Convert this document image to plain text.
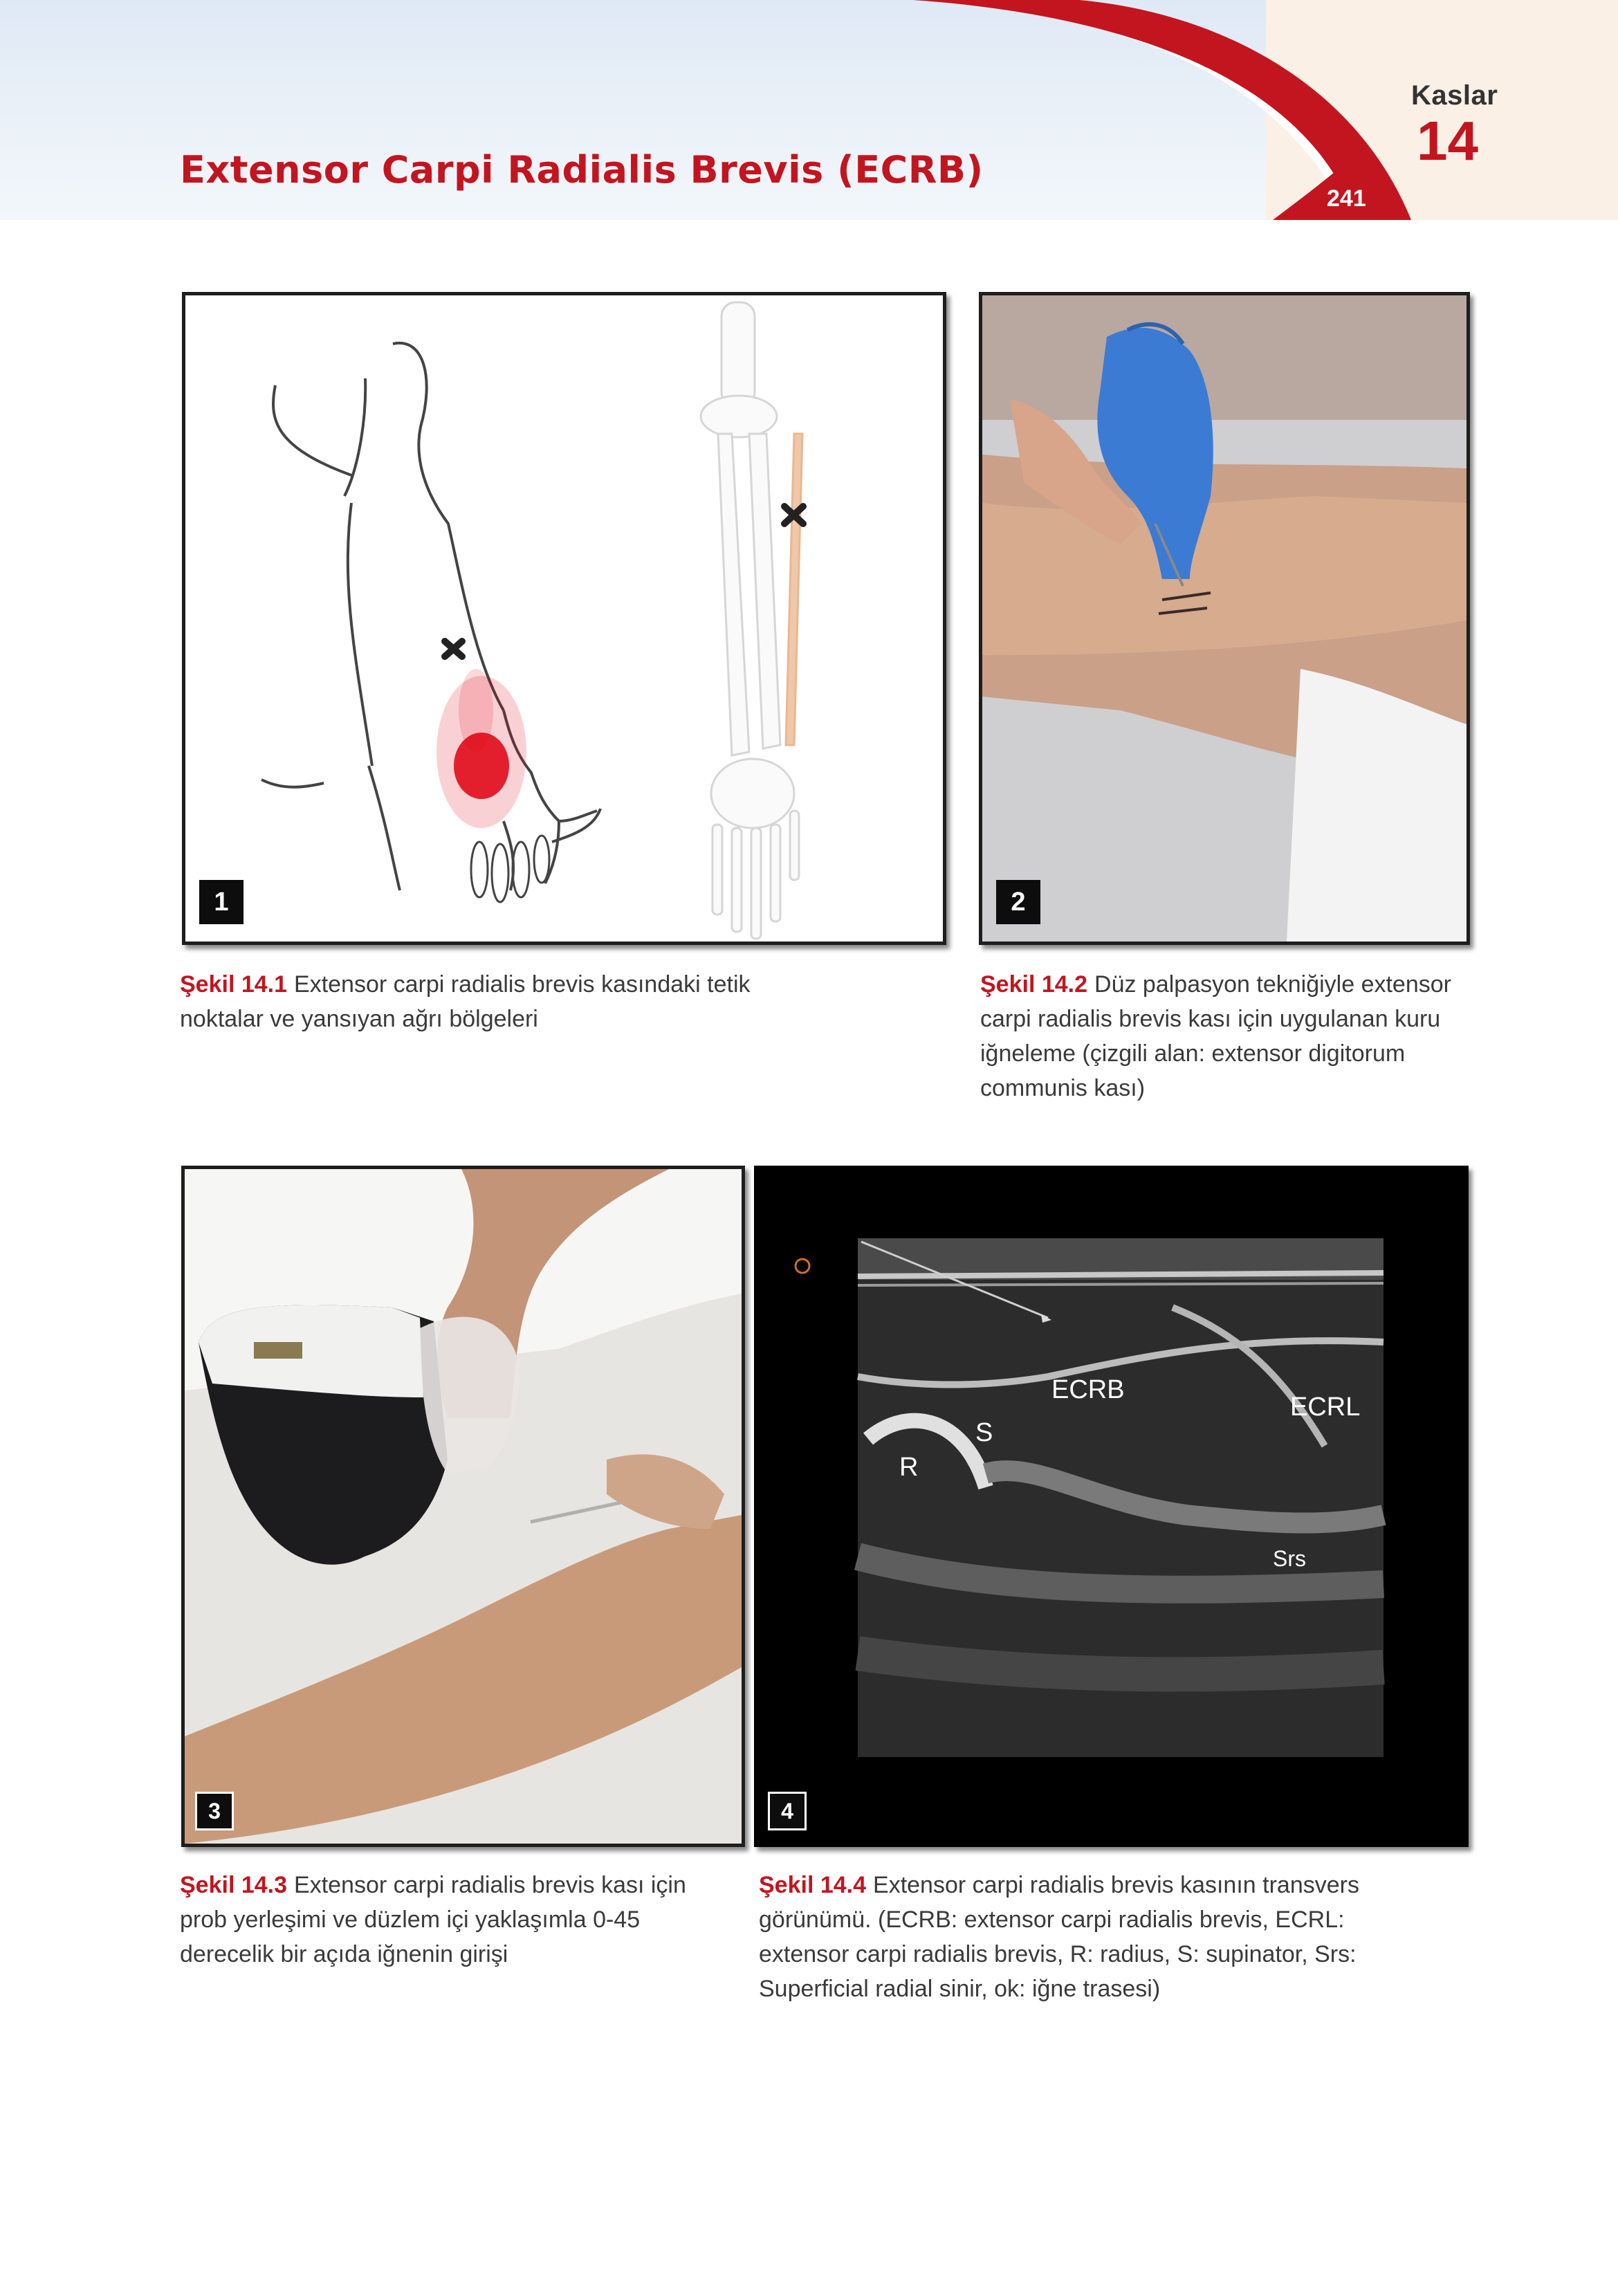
Extensor Carpi Radialis Brevis (ECRB)
Kaslar
14
241
1	2
3
ECRB
ECRL
S
R
Srs
4

Şekil 14.1 Extensor carpi radialis brevis kasındaki tetik noktalar ve yansıyan ağrı bölgeleri

Şekil 14.2 Düz palpasyon tekniğiyle extensor carpi radialis brevis kası için uygulanan kuru iğneleme (çizgili alan: extensor digitorum communis kası)

Şekil 14.3 Extensor carpi radialis brevis kası için prob yerleşimi ve düzlem içi yaklaşımla 0-45 derecelik bir açıda iğnenin girişi

Şekil 14.4 Extensor carpi radialis brevis kasının transvers görünümü. (ECRB: extensor carpi radialis brevis, ECRL: extensor carpi radialis brevis, R: radius, S: supinator, Srs: Superficial radial sinir, ok: iğne trasesi)
